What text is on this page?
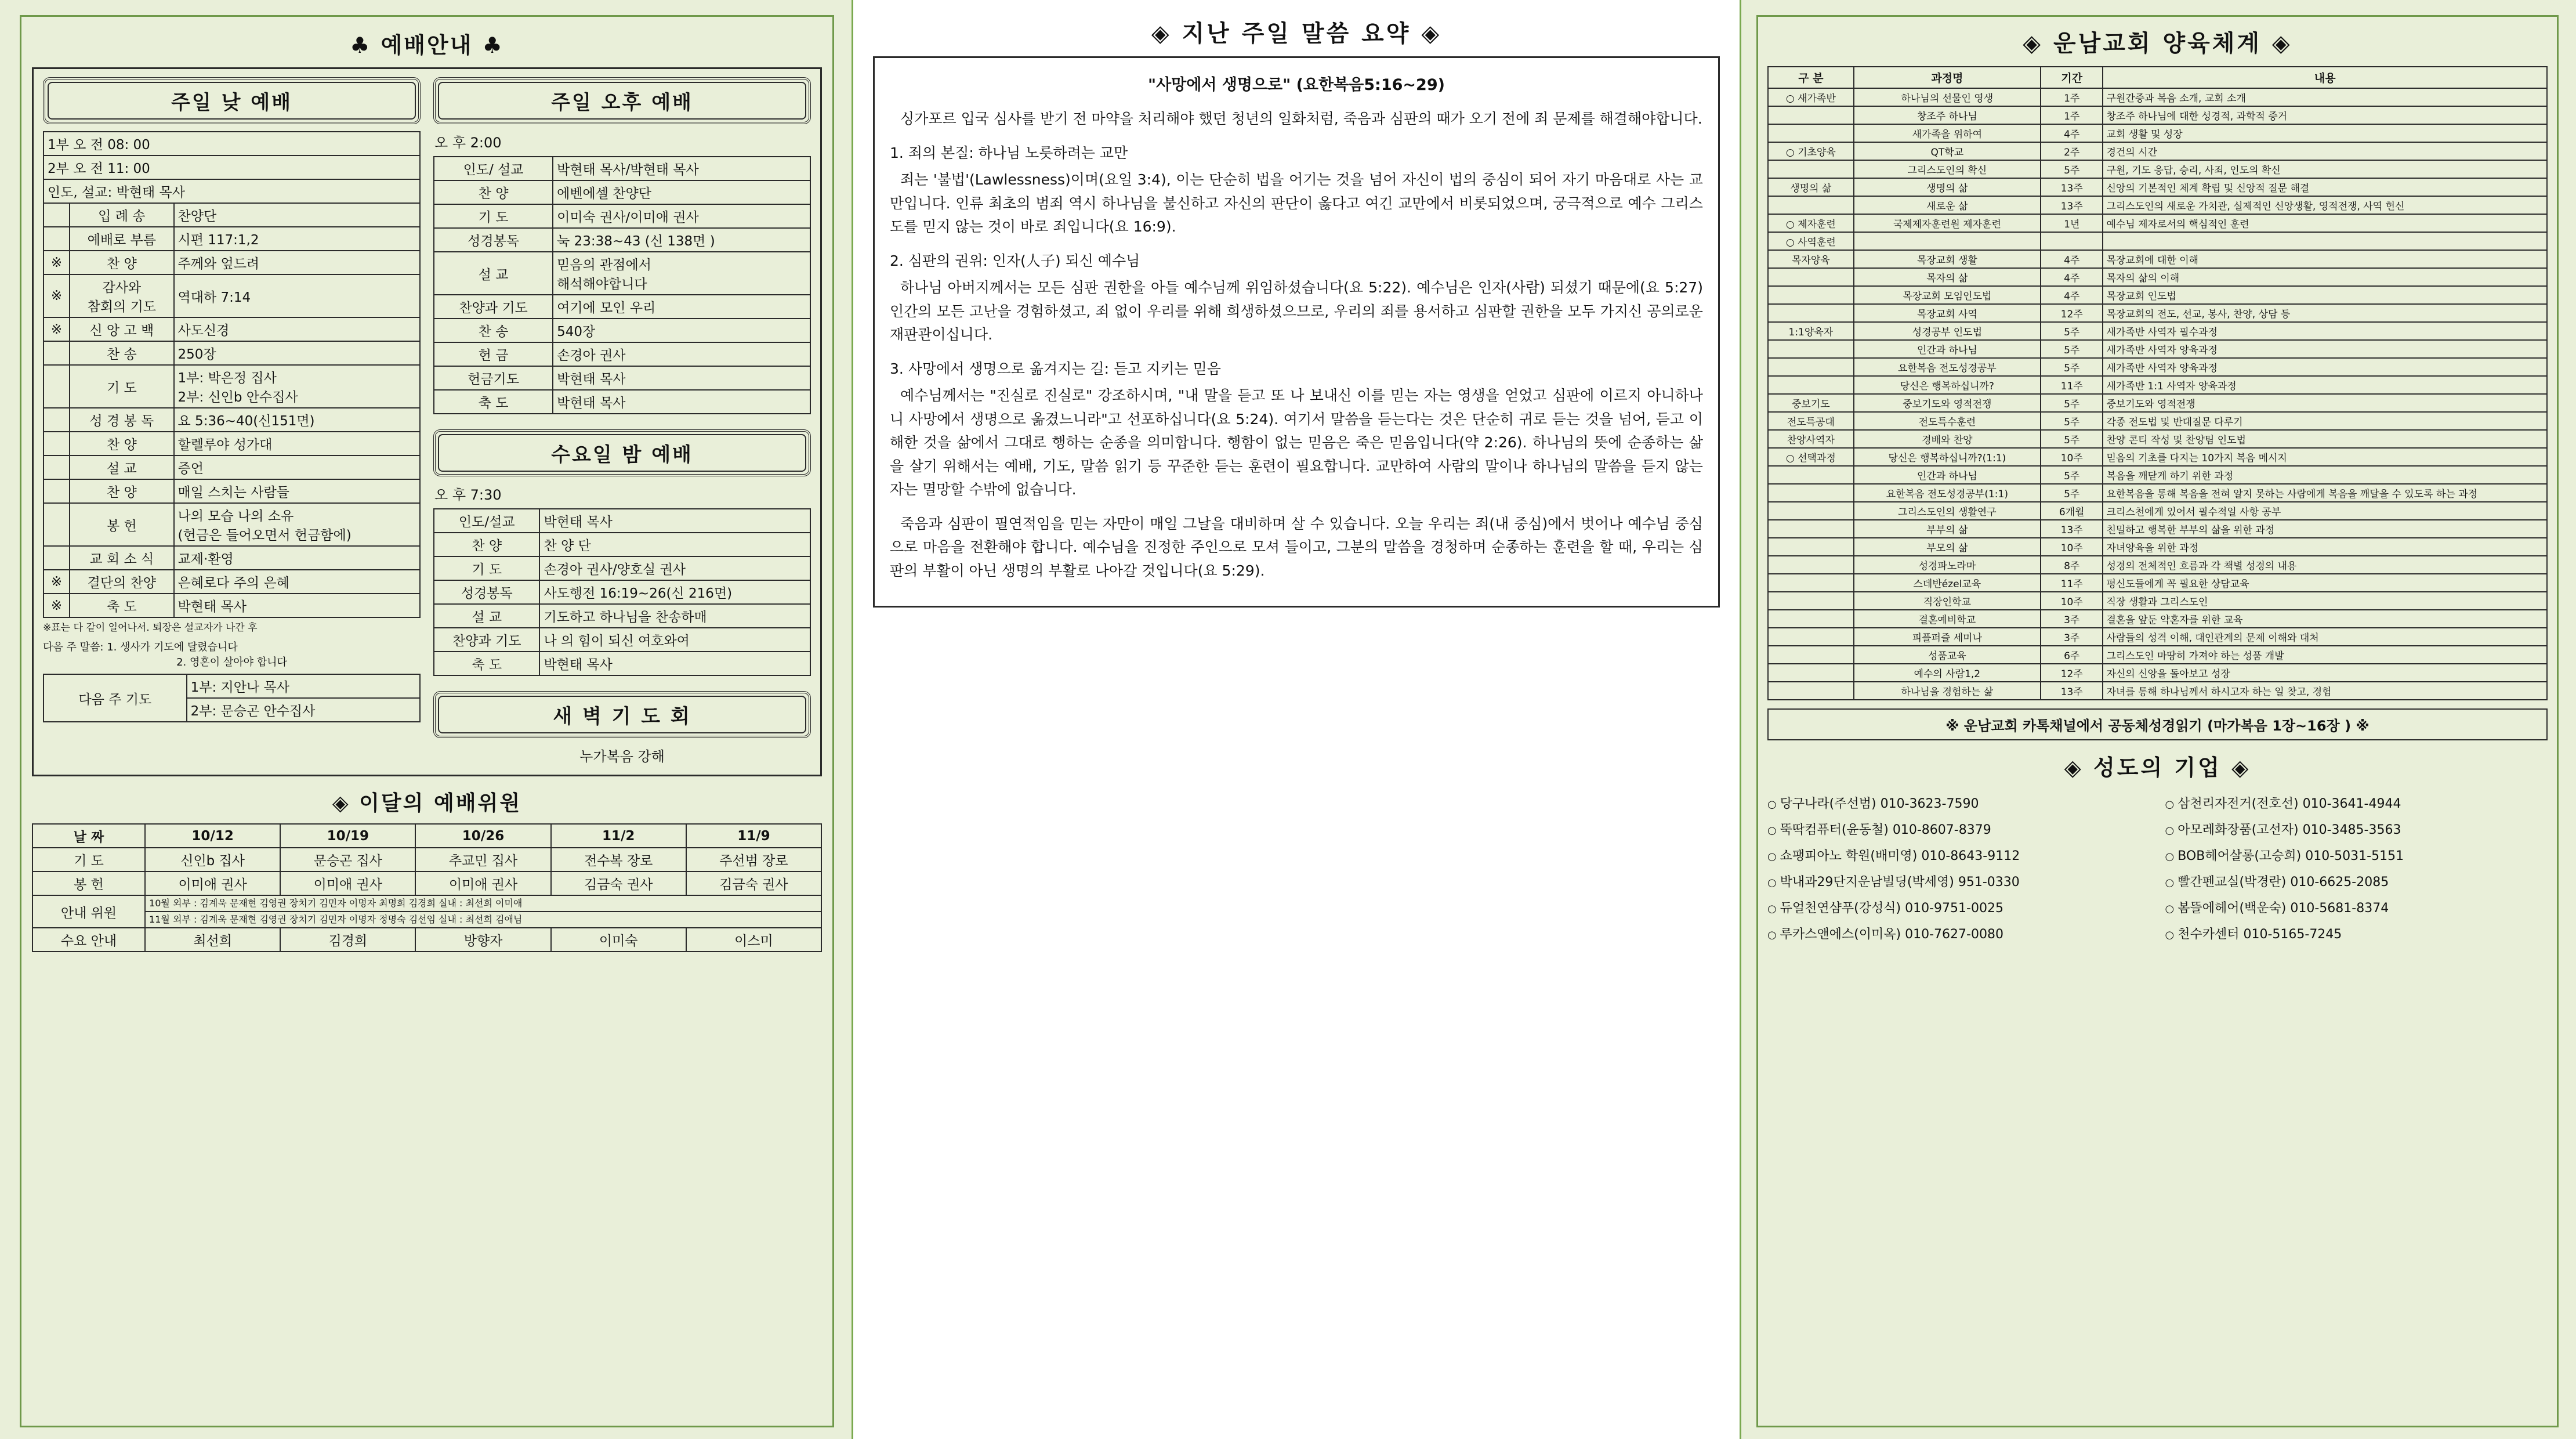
♣ 예배안내 ♣
주일 낮 예배
1부 오 전 08: 00		
2부 오 전 11: 00		
인도, 설교: 박현태 목사		
	입 례 송	찬양단
	예배로 부름	시편 117:1,2
※	찬 양	주께와 엎드려
※	감사와
참회의 기도	역대하 7:14
※	신 앙 고 백	사도신경
	찬 송	250장
	기 도	1부: 박은정 집사
2부: 신인b 안수집사
	성 경 봉 독	요 5:36~40(신151면)
	찬 양	할렐루야 성가대
	설 교	증언
	찬 양	매일 스치는 사람들
	봉 헌	나의 모습 나의 소유
(헌금은 들어오면서 헌금함에)
	교 회 소 식	교제·환영
※	결단의 찬양	은혜로다 주의 은혜
※	축 도	박현태 목사
※표는 다 같이 일어나서. 퇴장은 설교자가 나간 후
다음 주 말씀: 1. 생사가 기도에 달렸습니다
2. 영혼이 살아야 합니다
다음 주 기도	1부: 지안나 목사
2부: 문승곤 안수집사
주일 오후 예배
오 후 2:00
인도/ 설교	박현태 목사/박현태 목사
찬 양	에벤에셀 찬양단
기 도	이미숙 권사/이미애 권사
성경봉독	눅 23:38~43 (신 138면 )
설 교	믿음의 관점에서
해석해야합니다
찬양과 기도	여기에 모인 우리
찬 송	540장
헌 금	손경아 권사
헌금기도	박현태 목사
축 도	박현태 목사
수요일 밤 예배
오 후 7:30
인도/설교	박현태 목사
찬 양	찬 양 단
기 도	손경아 권사/양호실 권사
성경봉독	사도행전 16:19~26(신 216면)
설 교	기도하고 하나님을 찬송하매
찬양과 기도	나 의 힘이 되신 여호와여
축 도	박현태 목사
새 벽 기 도 회
누가복음 강해
◈ 이달의 예배위원
날 짜	10/12	10/19	10/26	11/2	11/9
기 도	신인b 집사	문승곤 집사	추교민 집사	전수복 장로	주선범 장로
봉 헌	이미애 권사	이미애 권사	이미애 권사	김금숙 권사	김금숙 권사
안내 위원	10월 외부 : 김계욱 문재현 김영권 장치기 김민자 이명자 최명희 김경희 실내 : 최선희 이미애				
	11월 외부 : 김계욱 문재현 김영권 장치기 김민자 이명자 정명숙 김선임 실내 : 최선희 김애님				
수요 안내	최선희	김경희	방향자	이미숙	이스미
◈ 지난 주일 말씀 요약 ◈
"사망에서 생명으로" (요한복음5:16~29)

싱가포르 입국 심사를 받기 전 마약을 처리해야 했던 청년의 일화처럼, 죽음과 심판의 때가 오기 전에 죄 문제를 해결해야합니다.

1. 죄의 본질: 하나님 노릇하려는 교만

죄는 '불법'(Lawlessness)이며(요일 3:4), 이는 단순히 법을 어기는 것을 넘어 자신이 법의 중심이 되어 자기 마음대로 사는 교만입니다. 인류 최초의 범죄 역시 하나님을 불신하고 자신의 판단이 옳다고 여긴 교만에서 비롯되었으며, 궁극적으로 예수 그리스도를 믿지 않는 것이 바로 죄입니다(요 16:9).

2. 심판의 권위: 인자(人子) 되신 예수님

하나님 아버지께서는 모든 심판 권한을 아들 예수님께 위임하셨습니다(요 5:22). 예수님은 인자(사람) 되셨기 때문에(요 5:27) 인간의 모든 고난을 경험하셨고, 죄 없이 우리를 위해 희생하셨으므로, 우리의 죄를 용서하고 심판할 권한을 모두 가지신 공의로운 재판관이십니다.

3. 사망에서 생명으로 옮겨지는 길: 듣고 지키는 믿음

예수님께서는 "진실로 진실로" 강조하시며, "내 말을 듣고 또 나 보내신 이를 믿는 자는 영생을 얻었고 심판에 이르지 아니하나니 사망에서 생명으로 옮겼느니라"고 선포하십니다(요 5:24). 여기서 말씀을 듣는다는 것은 단순히 귀로 듣는 것을 넘어, 듣고 이해한 것을 삶에서 그대로 행하는 순종을 의미합니다. 행함이 없는 믿음은 죽은 믿음입니다(약 2:26). 하나님의 뜻에 순종하는 삶을 살기 위해서는 예배, 기도, 말씀 읽기 등 꾸준한 듣는 훈련이 필요합니다. 교만하여 사람의 말이나 하나님의 말씀을 듣지 않는 자는 멸망할 수밖에 없습니다.

죽음과 심판이 필연적임을 믿는 자만이 매일 그날을 대비하며 살 수 있습니다. 오늘 우리는 죄(내 중심)에서 벗어나 예수님 중심으로 마음을 전환해야 합니다. 예수님을 진정한 주인으로 모셔 들이고, 그분의 말씀을 경청하며 순종하는 훈련을 할 때, 우리는 심판의 부활이 아닌 생명의 부활로 나아갈 것입니다(요 5:29).

◈ 운남교회 양육체계 ◈
구 분	과정명	기간	내용
○ 새가족반	하나님의 선물인 영생	1주	구원간증과 복음 소개, 교회 소개
	창조주 하나님	1주	창조주 하나님에 대한 성경적, 과학적 증거
	새가족을 위하여	4주	교회 생활 및 성장
○ 기초양육	QT학교	2주	경건의 시간
	그리스도인의 확신	5주	구원, 기도 응답, 승리, 사죄, 인도의 확신
생명의 삶	생명의 삶	13주	신앙의 기본적인 체계 확립 및 신앙적 질문 해결
	새로운 삶	13주	그리스도인의 새로운 가치관, 실제적인 신앙생활, 영적전쟁, 사역 헌신
○ 제자훈련	국제제자훈련원 제자훈련	1년	예수님 제자로서의 핵심적인 훈련
○ 사역훈련			
목자양육	목장교회 생활	4주	목장교회에 대한 이해
	목자의 삶	4주	목자의 삶의 이해
	목장교회 모임인도법	4주	목장교회 인도법
	목장교회 사역	12주	목장교회의 전도, 선교, 봉사, 찬양, 상담 등
1:1양육자	성경공부 인도법	5주	새가족반 사역자 필수과정
	인간과 하나님	5주	새가족반 사역자 양육과정
	요한복음 전도성경공부	5주	새가족반 사역자 양육과정
	당신은 행복하십니까?	11주	새가족반 1:1 사역자 양육과정
중보기도	중보기도와 영적전쟁	5주	중보기도와 영적전쟁
전도특공대	전도특수훈련	5주	각종 전도법 및 반대질문 다루기
찬양사역자	경배와 찬양	5주	찬양 콘티 작성 및 찬양팀 인도법
○ 선택과정	당신은 행복하십니까?(1:1)	10주	믿음의 기초를 다지는 10가지 복음 메시지
	인간과 하나님	5주	복음을 깨닫게 하기 위한 과정
	요한복음 전도성경공부(1:1)	5주	요한복음을 통해 복음을 전혀 알지 못하는 사람에게 복음을 깨달을 수 있도록 하는 과정
	그리스도인의 생활연구	6개월	크리스천에게 있어서 필수적일 사항 공부
	부부의 삶	13주	친밀하고 행복한 부부의 삶을 위한 과정
	부모의 삶	10주	자녀양육을 위한 과정
	성경파노라마	8주	성경의 전체적인 흐름과 각 책별 성경의 내용
	스데반ézel교육	11주	평신도들에게 꼭 필요한 상담교육
	직장인학교	10주	직장 생활과 그리스도인
	결혼예비학교	3주	결혼을 앞둔 약혼자를 위한 교육
	피플퍼즐 세미나	3주	사람들의 성격 이해, 대인관계의 문제 이해와 대처
	성품교육	6주	그리스도인 마땅히 가져야 하는 성품 개발
	예수의 사람1,2	12주	자신의 신앙을 돌아보고 성장
	하나님을 경험하는 삶	13주	자녀를 통해 하나님께서 하시고자 하는 일 찾고, 경험
※ 운남교회 카톡채널에서 공동체성경읽기 (마가복음 1장~16장 ) ※
◈ 성도의 기업 ◈
○ 당구나라(주선범) 010-3623-7590
○ 뚝딱컴퓨터(윤동철) 010-8607-8379
○ 쇼팽피아노 학원(배미영) 010-8643-9112
○ 박내과29단지운남빌딩(박세영) 951-0330
○ 듀얼천연샴푸(강성식) 010-9751-0025
○ 루카스앤에스(이미옥) 010-7627-0080
○ 삼천리자전거(전호선) 010-3641-4944
○ 아모레화장품(고선자) 010-3485-3563
○ BOB헤어살롱(고승희) 010-5031-5151
○ 빨간펜교실(박경란) 010-6625-2085
○ 봄뜰에헤어(백운숙) 010-5681-8374
○ 천수카센터 010-5165-7245
